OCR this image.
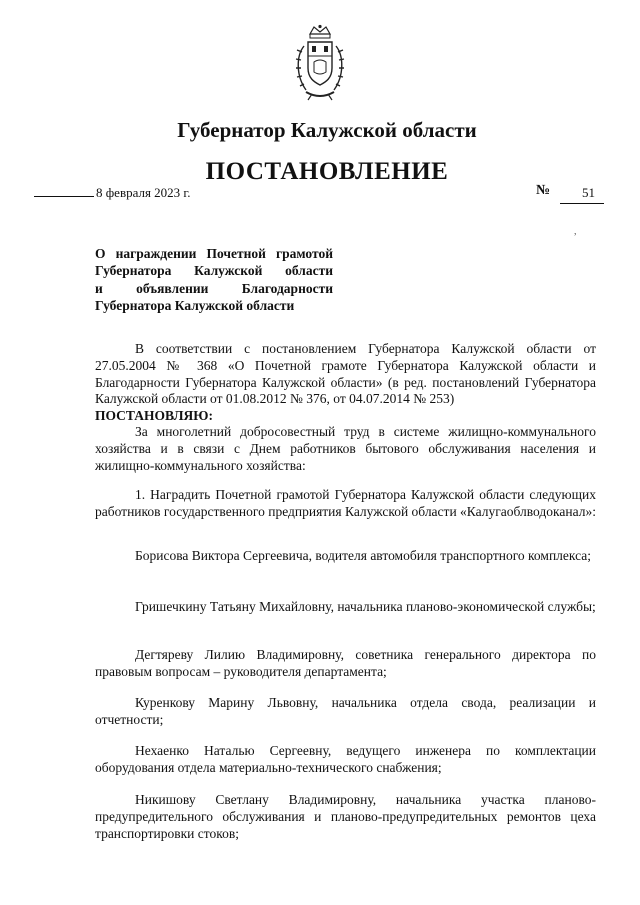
Губернатор Калужской области
ПОСТАНОВЛЕНИЕ
8 февраля 2023 г.	№ 51
,
О награждении Почетной грамотой
Губернатора Калужской области
и объявлении Благодарности
Губернатора Калужской области
В соответствии с постановлением Губернатора Калужской области от 27.05.2004 № 368 «О Почетной грамоте Губернатора Калужской области и Благодарности Губернатора Калужской области» (в ред. постановлений Губернатора Калужской области от 01.08.2012 № 376, от 04.07.2014 № 253)
ПОСТАНОВЛЯЮ:
За многолетний добросовестный труд в системе жилищно-коммунального хозяйства и в связи с Днем работников бытового обслуживания населения и жилищно-коммунального хозяйства:
1. Наградить Почетной грамотой Губернатора Калужской области следующих работников государственного предприятия Калужской области «Калугаоблводоканал»:
Борисова Виктора Сергеевича, водителя автомобиля транспортного комплекса;
Гришечкину Татьяну Михайловну, начальника планово-экономической службы;
Дегтяреву Лилию Владимировну, советника генерального директора по правовым вопросам – руководителя департамента;
Куренкову Марину Львовну, начальника отдела свода, реализации и отчетности;
Нехаенко Наталью Сергеевну, ведущего инженера по комплектации оборудования отдела материально-технического снабжения;
Никишову Светлану Владимировну, начальника участка планово-предупредительного обслуживания и планово-предупредительных ремонтов цеха транспортировки стоков;
